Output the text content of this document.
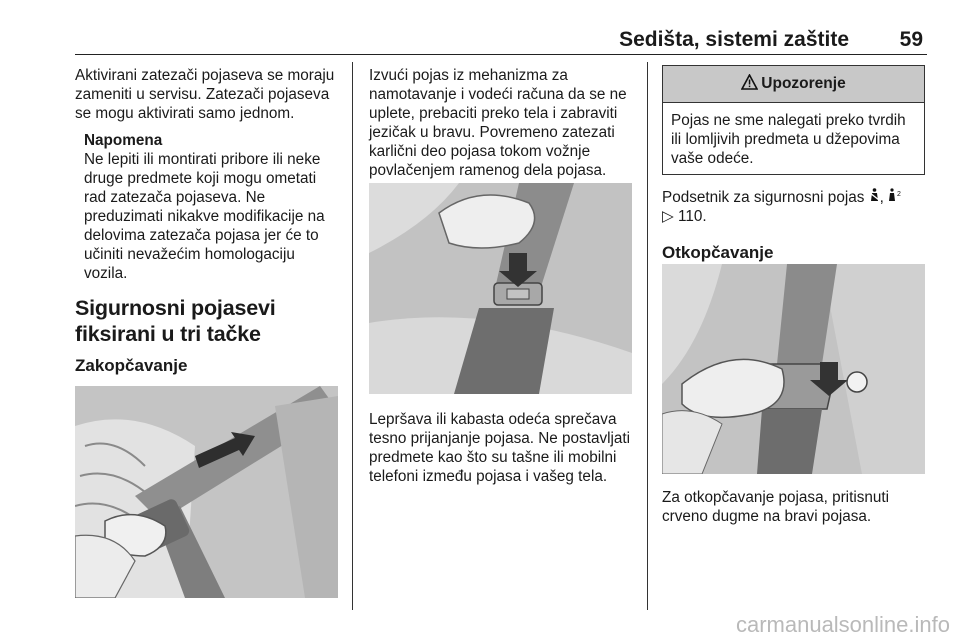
Sedišta, sistemi zaštite 59

Aktivirani zatezači pojaseva se moraju zameniti u servisu. Zatezači pojaseva se mogu aktivirati samo jednom.

Napomena
Ne lepiti ili montirati pribore ili neke druge predmete koji mogu ometati rad zatezača pojaseva. Ne preduzimati nikakve modifikacije na delovima zatezača pojasa jer će to učiniti nevažećim homologaciju vozila.
Sigurnosni pojasevi fiksirani u tri tačke
Zakopčavanje

Izvući pojas iz mehanizma za namotavanje i vodeći računa da se ne uplete, prebaciti preko tela i zabraviti jezičak u bravu. Povremeno zatezati karlični deo pojasa tokom vožnje povlačenjem ramenog dela pojasa.

Lepršava ili kabasta odeća sprečava tesno prijanjanje pojasa. Ne postavljati predmete kao što su tašne ili mobilni telefoni između pojasa i vašeg tela.

Upozorenje
Pojas ne sme nalegati preko tvrdih ili lomljivih predmeta u džepovima vaše odeće.

Podsetnik za sigurnosni pojas , 2

▷ 110.

Otkopčavanje

Za otkopčavanje pojasa, pritisnuti crveno dugme na bravi pojasa.

carmanualsonline.info
